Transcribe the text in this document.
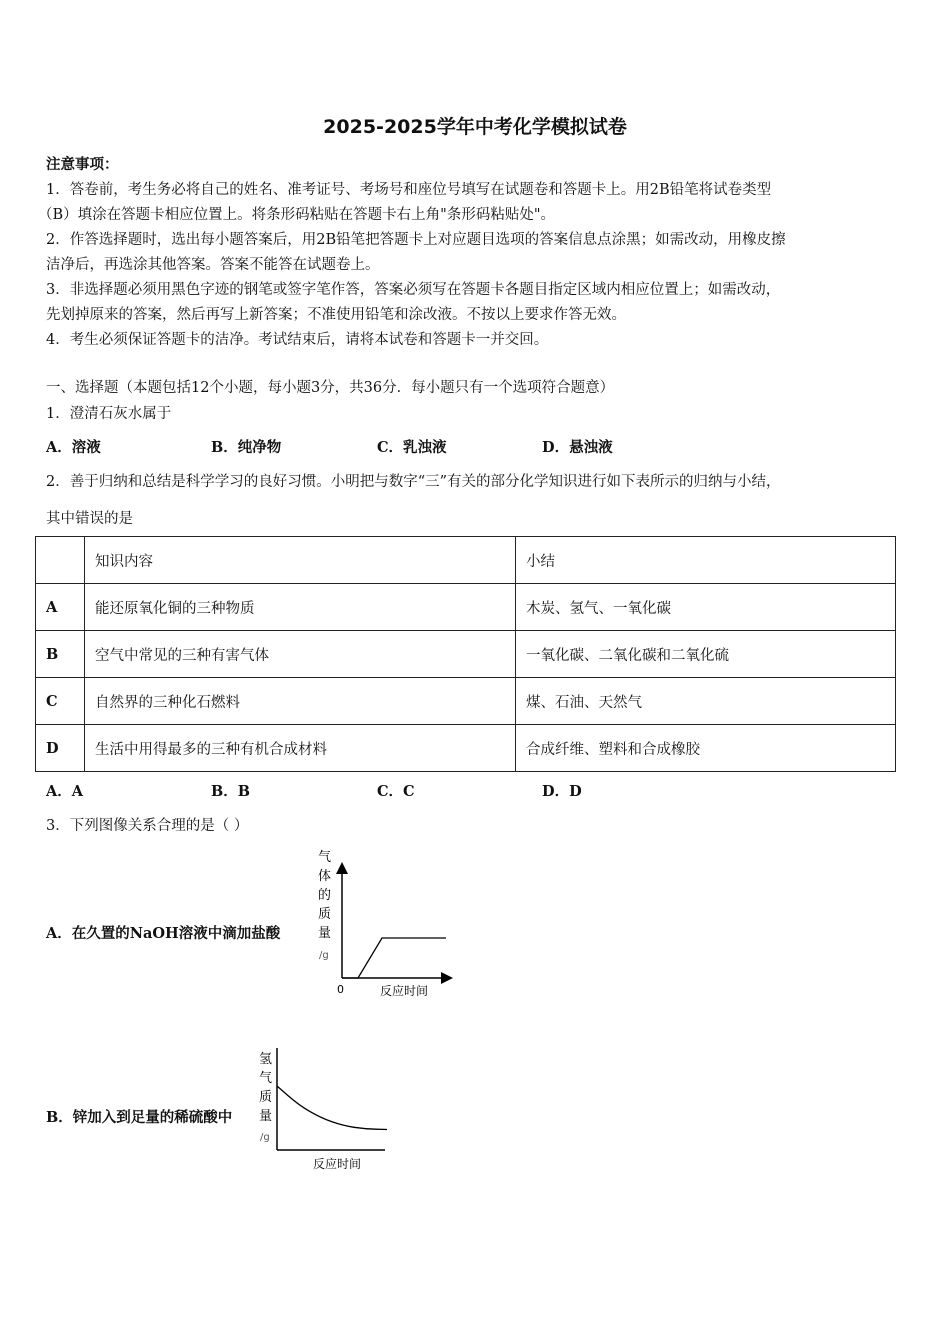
2025-2025学年中考化学模拟试卷
注意事项：
1．答卷前，考生务必将自己的姓名、准考证号、考场号和座位号填写在试题卷和答题卡上。用2B铅笔将试卷类型
（B）填涂在答题卡相应位置上。将条形码粘贴在答题卡右上角"条形码粘贴处"。
2．作答选择题时，选出每小题答案后，用2B铅笔把答题卡上对应题目选项的答案信息点涂黑；如需改动，用橡皮擦
洁净后，再选涂其他答案。答案不能答在试题卷上。
3．非选择题必须用黑色字迹的钢笔或签字笔作答，答案必须写在答题卡各题目指定区域内相应位置上；如需改动，
先划掉原来的答案，然后再写上新答案；不准使用铅笔和涂改液。不按以上要求作答无效。
4．考生必须保证答题卡的洁净。考试结束后，请将本试卷和答题卡一并交回。
一、选择题（本题包括12个小题，每小题3分，共36分．每小题只有一个选项符合题意）
1．澄清石灰水属于
A．溶液	B．纯净物	C．乳浊液	D．悬浊液
2．善于归纳和总结是科学学习的良好习惯。小明把与数字“三”有关的部分化学知识进行如下表所示的归纳与小结，
其中错误的是
	知识内容	小结
A	能还原氧化铜的三种物质	木炭、氢气、一氧化碳
B	空气中常见的三种有害气体	一氧化碳、二氧化碳和二氧化硫
C	自然界的三种化石燃料	煤、石油、天然气
D	生活中用得最多的三种有机合成材料	合成纤维、塑料和合成橡胶
A．A	B．B	C．C	D．D
3．下列图像关系合理的是（ ）
A．在久置的NaOH溶液中滴加盐酸
气
体
的
质
量
/g
0	反应时间
B．锌加入到足量的稀硫酸中
氢
气
质
量
/g
反应时间
